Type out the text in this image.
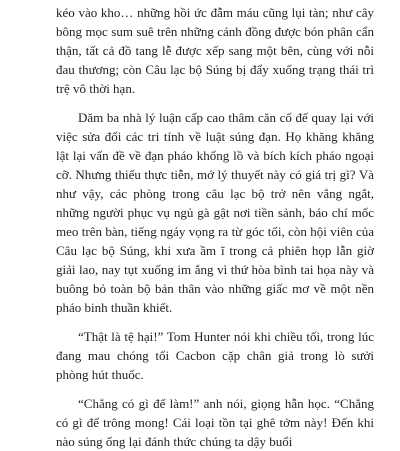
kéo vào kho… những hồi ức đẫm máu cũng lụi tàn; như cây bông mọc sum suê trên những cánh đồng được bón phân cẩn thận, tất cả đồ tang lễ được xếp sang một bên, cùng với nỗi đau thương; còn Câu lạc bộ Súng bị đẩy xuống trạng thái trì trệ vô thời hạn.

Dăm ba nhà lý luận cấp cao thâm căn cố đế quay lại với việc sửa đổi các tri tính về luật súng đạn. Họ khăng khăng lật lại vấn đề về đạn pháo khổng lồ và bích kích pháo ngoại cỡ. Nhưng thiếu thực tiễn, mớ lý thuyết này có giá trị gì? Và như vậy, các phòng trong câu lạc bộ trở nên vắng ngắt, những người phục vụ ngủ gà gật nơi tiền sảnh, báo chí mốc meo trên bàn, tiếng ngáy vọng ra từ góc tối, còn hội viên của Câu lạc bộ Súng, khi xưa ầm ĩ trong cả phiên họp lẫn giờ giải lao, nay tụt xuống im ắng vì thứ hòa bình tai họa này và buông bỏ toàn bộ bản thân vào những giấc mơ về một nền pháo binh thuần khiết.

“Thật là tệ hại!” Tom Hunter nói khi chiều tối, trong lúc đang mau chóng tối Cacbon cặp chân giả trong lò sưởi phòng hút thuốc.

“Chẳng có gì để làm!” anh nói, giọng hẫn học. “Chẳng có gì để trông mong! Cái loại tồn tại ghê tởm này! Đến khi nào súng ống lại đánh thức chúng ta dậy buổi
